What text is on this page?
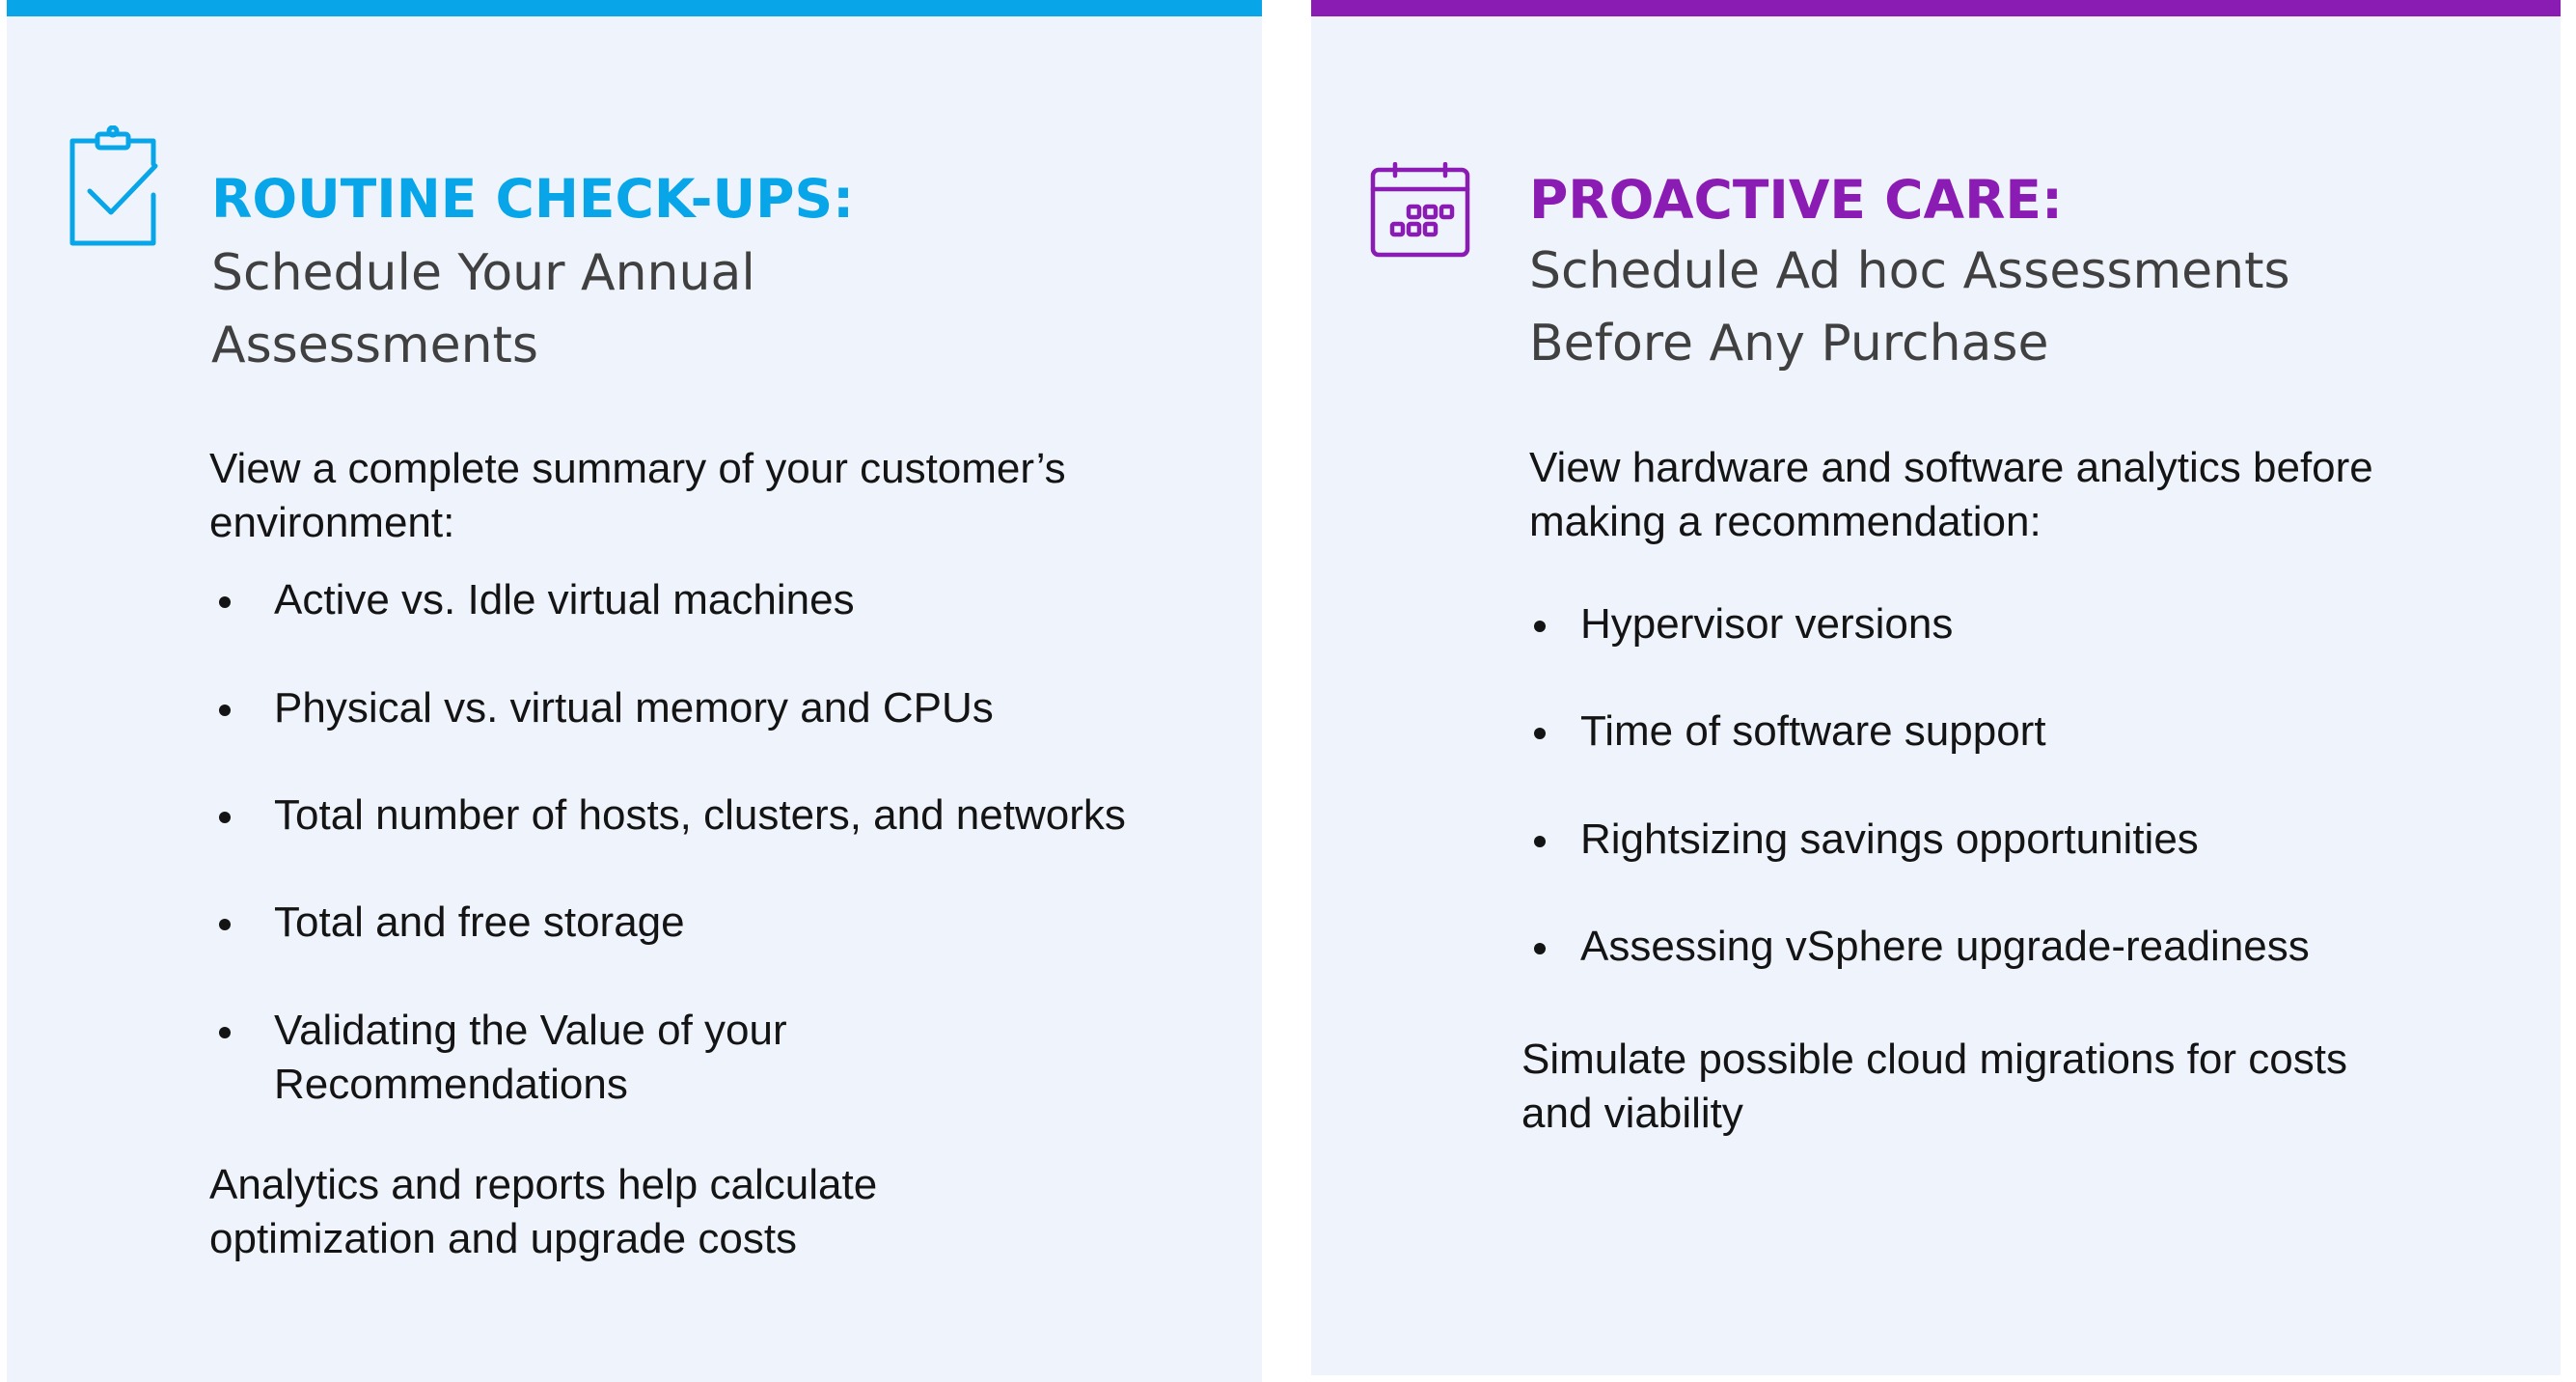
ROUTINE CHECK-UPS:
Schedule Your Annual
Assessments
View a complete summary of your customer’s
environment:
Active vs. Idle virtual machines
Physical vs. virtual memory and CPUs
Total number of hosts, clusters, and networks
Total and free storage
Validating the Value of your
Recommendations
Analytics and reports help calculate
optimization and upgrade costs
PROACTIVE CARE:
Schedule Ad hoc Assessments
Before Any Purchase
View hardware and software analytics before
making a recommendation:
Hypervisor versions
Time of software support
Rightsizing savings opportunities
Assessing vSphere upgrade-readiness
Simulate possible cloud migrations for costs
and viability
